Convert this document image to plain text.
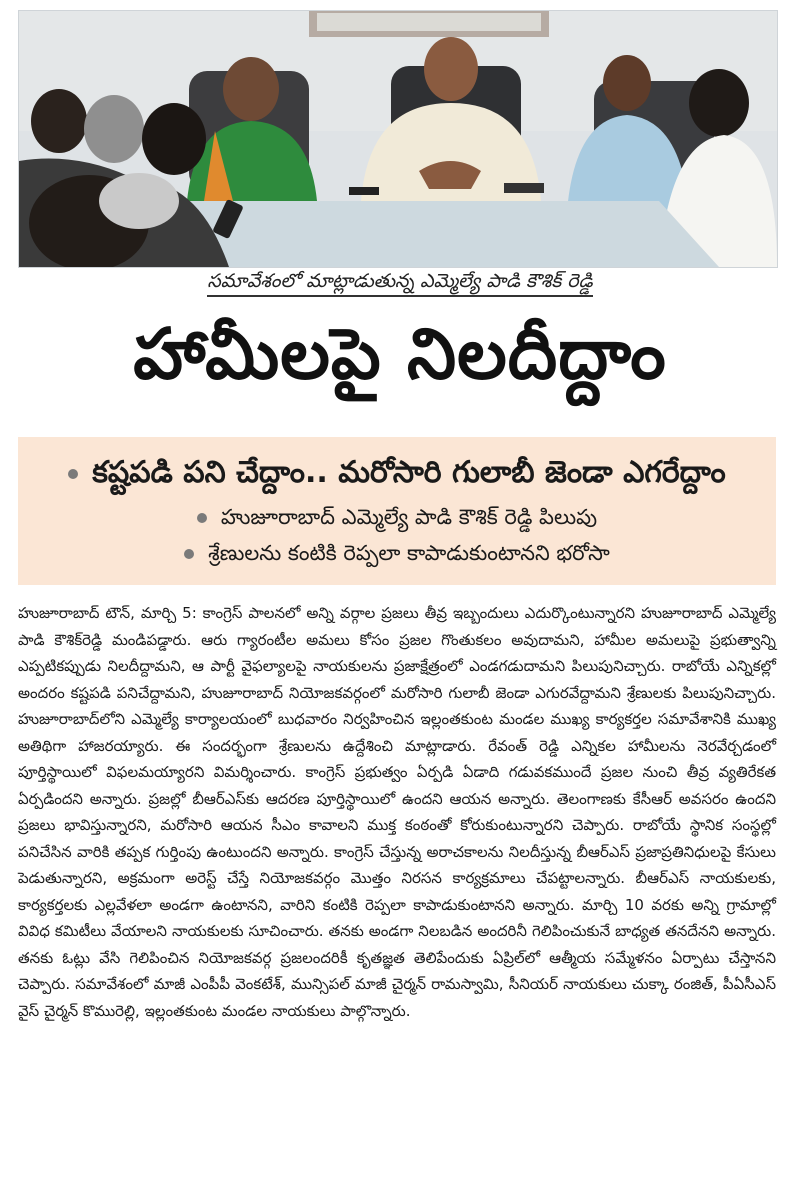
సమావేశంలో మాట్లాడుతున్న ఎమ్మెల్యే పాడి కౌశిక్ రెడ్డి
హామీలపై నిలదీద్దాం
కష్టపడి పని చేద్దాం.. మరోసారి గులాబీ జెండా ఎగరేద్దాం
హుజూరాబాద్ ఎమ్మెల్యే పాడి కౌశిక్ రెడ్డి పిలుపు
శ్రేణులను కంటికి రెప్పలా కాపాడుకుంటానని భరోసా
హుజూరాబాద్ టౌన్, మార్చి 5: కాంగ్రెస్ పాలనలో అన్ని వర్గాల ప్రజలు తీవ్ర ఇబ్బందులు ఎదుర్కొంటున్నారని హుజూరాబాద్ ఎమ్మెల్యే పాడి కౌశిక్‌రెడ్డి మండిపడ్డారు. ఆరు గ్యారంటీల అమలు కోసం ప్రజల గొంతుకలం అవుదామని, హామీల అమలుపై ప్రభుత్వాన్ని ఎప్పటికప్పుడు నిలదీద్దామని, ఆ పార్టీ వైఫల్యాలపై నాయకులను ప్రజాక్షేత్రంలో ఎండగడుదామని పిలుపునిచ్చారు. రాబోయే ఎన్నికల్లో అందరం కష్టపడి పనిచేద్దామని, హుజూరాబాద్ నియోజకవర్గంలో మరోసారి గులాబీ జెండా ఎగురవేద్దామని శ్రేణులకు పిలుపునిచ్చారు. హుజూరాబాద్‌లోని ఎమ్మెల్యే కార్యాలయంలో బుధవారం నిర్వహించిన ఇల్లంతకుంట మండల ముఖ్య కార్యకర్తల సమావేశానికి ముఖ్య అతిథిగా హాజరయ్యారు. ఈ సందర్భంగా శ్రేణులను ఉద్దేశించి మాట్లాడారు. రేవంత్ రెడ్డి ఎన్నికల హామీలను నెరవేర్చడంలో పూర్తిస్థాయిలో విఫలమయ్యారని విమర్శించారు. కాంగ్రెస్ ప్రభుత్వం ఏర్పడి ఏడాది గడువకముందే ప్రజల నుంచి తీవ్ర వ్యతిరేకత ఏర్పడిందని అన్నారు. ప్రజల్లో బీఆర్ఎస్‌కు ఆదరణ పూర్తిస్థాయిలో ఉందని ఆయన అన్నారు. తెలంగాణకు కేసీఆర్ అవసరం ఉందని ప్రజలు భావిస్తున్నారని, మరోసారి ఆయన సీఎం కావాలని ముక్త కంఠంతో కోరుకుంటున్నారని చెప్పారు. రాబోయే స్థానిక సంస్థల్లో పనిచేసిన వారికి తప్పక గుర్తింపు ఉంటుందని అన్నారు. కాంగ్రెస్ చేస్తున్న అరాచకాలను నిలదీస్తున్న బీఆర్ఎస్ ప్రజాప్రతినిధులపై కేసులు పెడుతున్నారని, అక్రమంగా అరెస్ట్ చేస్తే నియోజకవర్గం మొత్తం నిరసన కార్యక్రమాలు చేపట్టాలన్నారు. బీఆర్ఎస్ నాయకులకు, కార్యకర్తలకు ఎల్లవేళలా అండగా ఉంటానని, వారిని కంటికి రెప్పలా కాపాడుకుంటానని అన్నారు. మార్చి 10 వరకు అన్ని గ్రామాల్లో వివిధ కమిటీలు వేయాలని నాయకులకు సూచించారు. తనకు అండగా నిలబడిన అందరినీ గెలిపించుకునే బాధ్యత తనదేనని అన్నారు. తనకు ఓట్లు వేసి గెలిపించిన నియోజకవర్గ ప్రజలందరికీ కృతజ్ఞత తెలిపేందుకు ఏప్రిల్‌లో ఆత్మీయ సమ్మేళనం ఏర్పాటు చేస్తానని చెప్పారు. సమావేశంలో మాజీ ఎంపీపీ వెంకటేశ్, మున్సిపల్ మాజీ చైర్మన్ రామస్వామి, సీనియర్ నాయకులు చుక్కా రంజిత్, పీఏసీఎస్ వైస్ చైర్మన్ కొమురెల్లి, ఇల్లంతకుంట మండల నాయకులు పాల్గొన్నారు.
